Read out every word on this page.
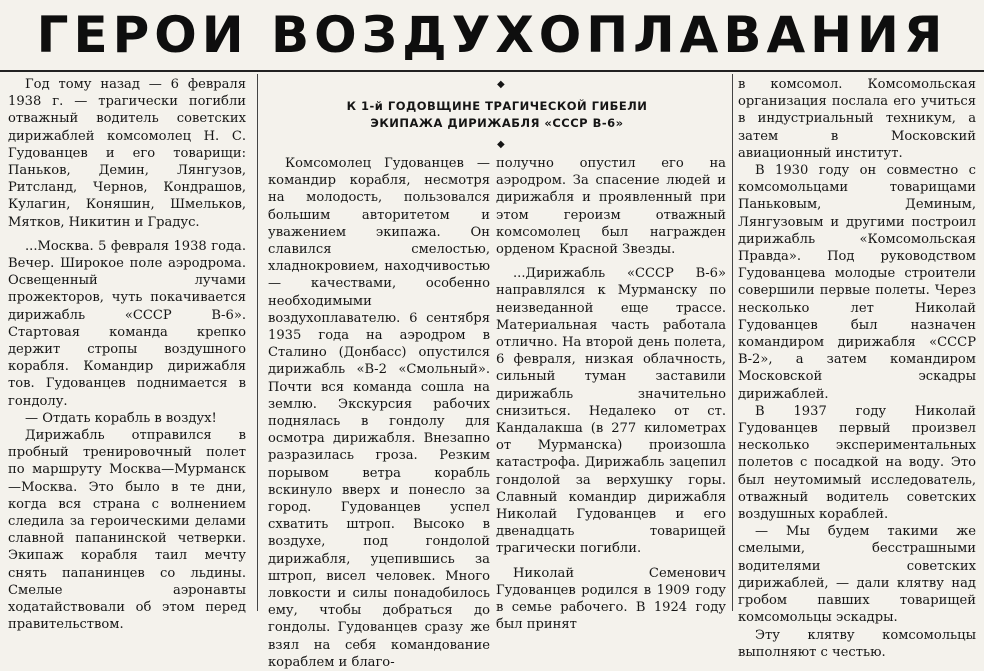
ГЕРОИ ВОЗДУХОПЛАВАНИЯ
◆
К 1-й ГОДОВЩИНЕ ТРАГИЧЕСКОЙ ГИБЕЛИ
ЭКИПАЖА ДИРИЖАБЛЯ «СССР В-6»
◆

Год тому назад — 6 февраля 1938 г. — трагически погибли отважный водитель советских дирижаблей комсомолец Н. С. Гудованцев и его товарищи: Паньков, Демин, Лянгузов, Ритсланд, Чернов, Кондрашов, Кулагин, Коняшин, Шмельков, Мятков, Никитин и Градус.

...Москва. 5 февраля 1938 года. Вечер. Широкое поле аэродрома. Освещенный лучами прожекторов, чуть покачивается дирижабль «СССР В-6». Стартовая команда крепко держит стропы воздушного корабля. Командир дирижабля тов. Гудованцев поднимается в гондолу.

— Отдать корабль в воздух!

Дирижабль отправился в пробный тренировочный полет по маршруту Москва—Мурманск—Москва. Это было в те дни, когда вся страна с волнением следила за героическими делами славной папанинской четверки. Экипаж корабля таил мечту снять папанинцев со льдины. Смелые аэронавты ходатайствовали об этом перед правительством.

Комсомолец Гудованцев — командир корабля, несмотря на молодость, пользовался большим авторитетом и уважением экипажа. Он славился смелостью, хладнокровием, находчивостью — качествами, особенно необходимыми воздухоплавателю. 6 сентября 1935 года на аэродром в Сталино (Донбасс) опустился дирижабль «В-2 «Смольный». Почти вся команда сошла на землю. Экскурсия рабочих поднялась в гондолу для осмотра дирижабля. Внезапно разразилась гроза. Резким порывом ветра корабль вскинуло вверх и понесло за город. Гудованцев успел схватить штроп. Высоко в воздухе, под гондолой дирижабля, уцепившись за штроп, висел человек. Много ловкости и силы понадобилось ему, чтобы добраться до гондолы. Гудованцев сразу же взял на себя командование кораблем и благо-

получно опустил его на аэродром. За спасение людей и дирижабля и проявленный при этом героизм отважный комсомолец был награжден орденом Красной Звезды.

...Дирижабль «СССР В-6» направлялся к Мурманску по неизведанной еще трассе. Материальная часть работала отлично. На второй день полета, 6 февраля, низкая облачность, сильный туман заставили дирижабль значительно снизиться. Недалеко от ст. Кандалакша (в 277 километрах от Мурманска) произошла катастрофа. Дирижабль зацепил гондолой за верхушку горы. Славный командир дирижабля Николай Гудованцев и его двенадцать товарищей трагически погибли.

Николай Семенович Гудованцев родился в 1909 году в семье рабочего. В 1924 году был принят

в комсомол. Комсомольская организация послала его учиться в индустриальный техникум, а затем в Московский авиационный институт.

В 1930 году он совместно с комсомольцами товарищами Паньковым, Деминым, Лянгузовым и другими построил дирижабль «Комсомольская Правда». Под руководством Гудованцева молодые строители совершили первые полеты. Через несколько лет Николай Гудованцев был назначен командиром дирижабля «СССР В-2», а затем командиром Московской эскадры дирижаблей.

В 1937 году Николай Гудованцев первый произвел несколько экспериментальных полетов с посадкой на воду. Это был неутомимый исследователь, отважный водитель советских воздушных кораблей.

— Мы будем такими же смелыми, бесстрашными водителями советских дирижаблей, — дали клятву над гробом павших товарищей комсомольцы эскадры.

Эту клятву комсомольцы выполняют с честью.
